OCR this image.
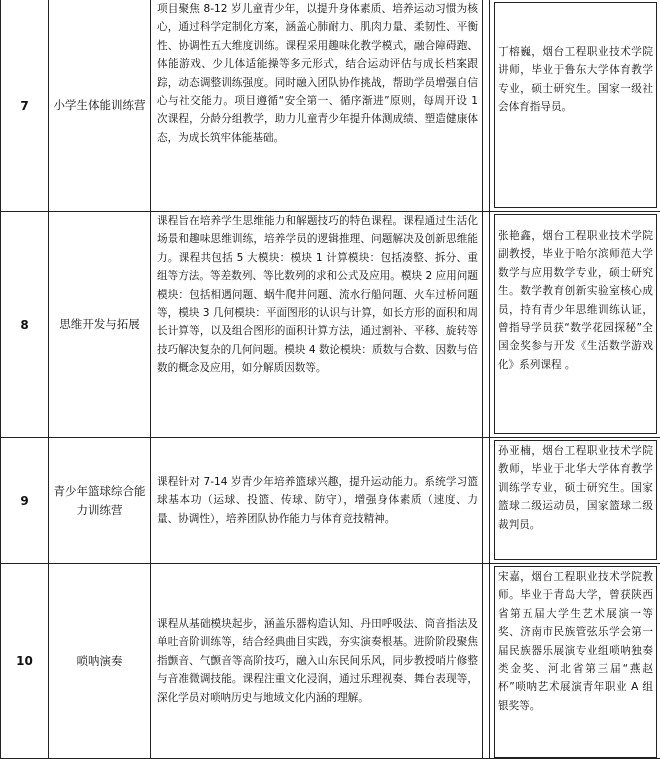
7	小学生体能训练营	项目聚焦 8-12 岁儿童青少年，以提升身体素质、培养运动习惯为核心，通过科学定制化方案，涵盖心肺耐力、肌肉力量、柔韧性、平衡性、协调性五大维度训练。课程采用趣味化教学模式，融合障碍跑、体能游戏、少儿体适能操等多元形式，结合运动评估与成长档案跟踪，动态调整训练强度。同时融入团队协作挑战，帮助学员增强自信心与社交能力。项目遵循“安全第一、循序渐进”原则，每周开设 1 次课程，分龄分组教学，助力儿童青少年提升体测成绩、塑造健康体态，为成长筑牢体能基础。		丁榕巍，烟台工程职业技术学院讲师，毕业于鲁东大学体育教学专业，硕士研究生。国家一级社会体育指导员。

8	思维开发与拓展	课程旨在培养学生思维能力和解题技巧的特色课程。课程通过生活化场景和趣味思维训练，培养学员的逻辑推理、问题解决及创新思维能力。课程共包括 5 大模块：模块 1 计算模块：包括凑整、拆分、重组等方法。等差数列、等比数列的求和公式及应用。模块 2 应用问题模块：包括相遇问题、蜗牛爬井问题、流水行船问题、火车过桥问题等，模块 3 几何模块：平面图形的认识与计算，如长方形的面积和周长计算等，以及组合图形的面积计算方法，通过割补、平移、旋转等技巧解决复杂的几何问题。模块 4 数论模块：质数与合数、因数与倍数的概念及应用，如分解质因数等。		张艳鑫，烟台工程职业技术学院副教授，毕业于哈尔滨师范大学数学与应用数学专业，硕士研究生。数学教育创新实验室核心成员，持有青少年思维训练认证，曾指导学员获“数学花园探秘”全国金奖参与开发《生活数学游戏化》系列课程 。

9	青少年篮球综合能力训练营	课程针对 7-14 岁青少年培养篮球兴趣，提升运动能力。系统学习篮球基本功（运球、投篮、传球、防守），增强身体素质（速度、力量、协调性），培养团队协作能力与体育竞技精神。		孙亚楠，烟台工程职业技术学院教师，毕业于北华大学体育教学训练学专业，硕士研究生。国家篮球二级运动员，国家篮球二级裁判员。

10	唢呐演奏	课程从基础模块起步，涵盖乐器构造认知、丹田呼吸法、筒音指法及单吐音阶训练等，结合经典曲目实践，夯实演奏根基。进阶阶段聚焦指颤音、气颤音等高阶技巧，融入山东民间乐风，同步教授哨片修整与音准微调技能。课程注重文化浸润，通过乐理视奏、舞台表现等，深化学员对唢呐历史与地域文化内涵的理解。		宋嘉，烟台工程职业技术学院教师。毕业于青岛大学，曾获陕西省第五届大学生艺术展演一等奖、济南市民族管弦乐学会第一届民族器乐展演专业组唢呐独奏类金奖、河北省第三届“燕赵杯”唢呐艺术展演青年职业 A 组银奖等。
